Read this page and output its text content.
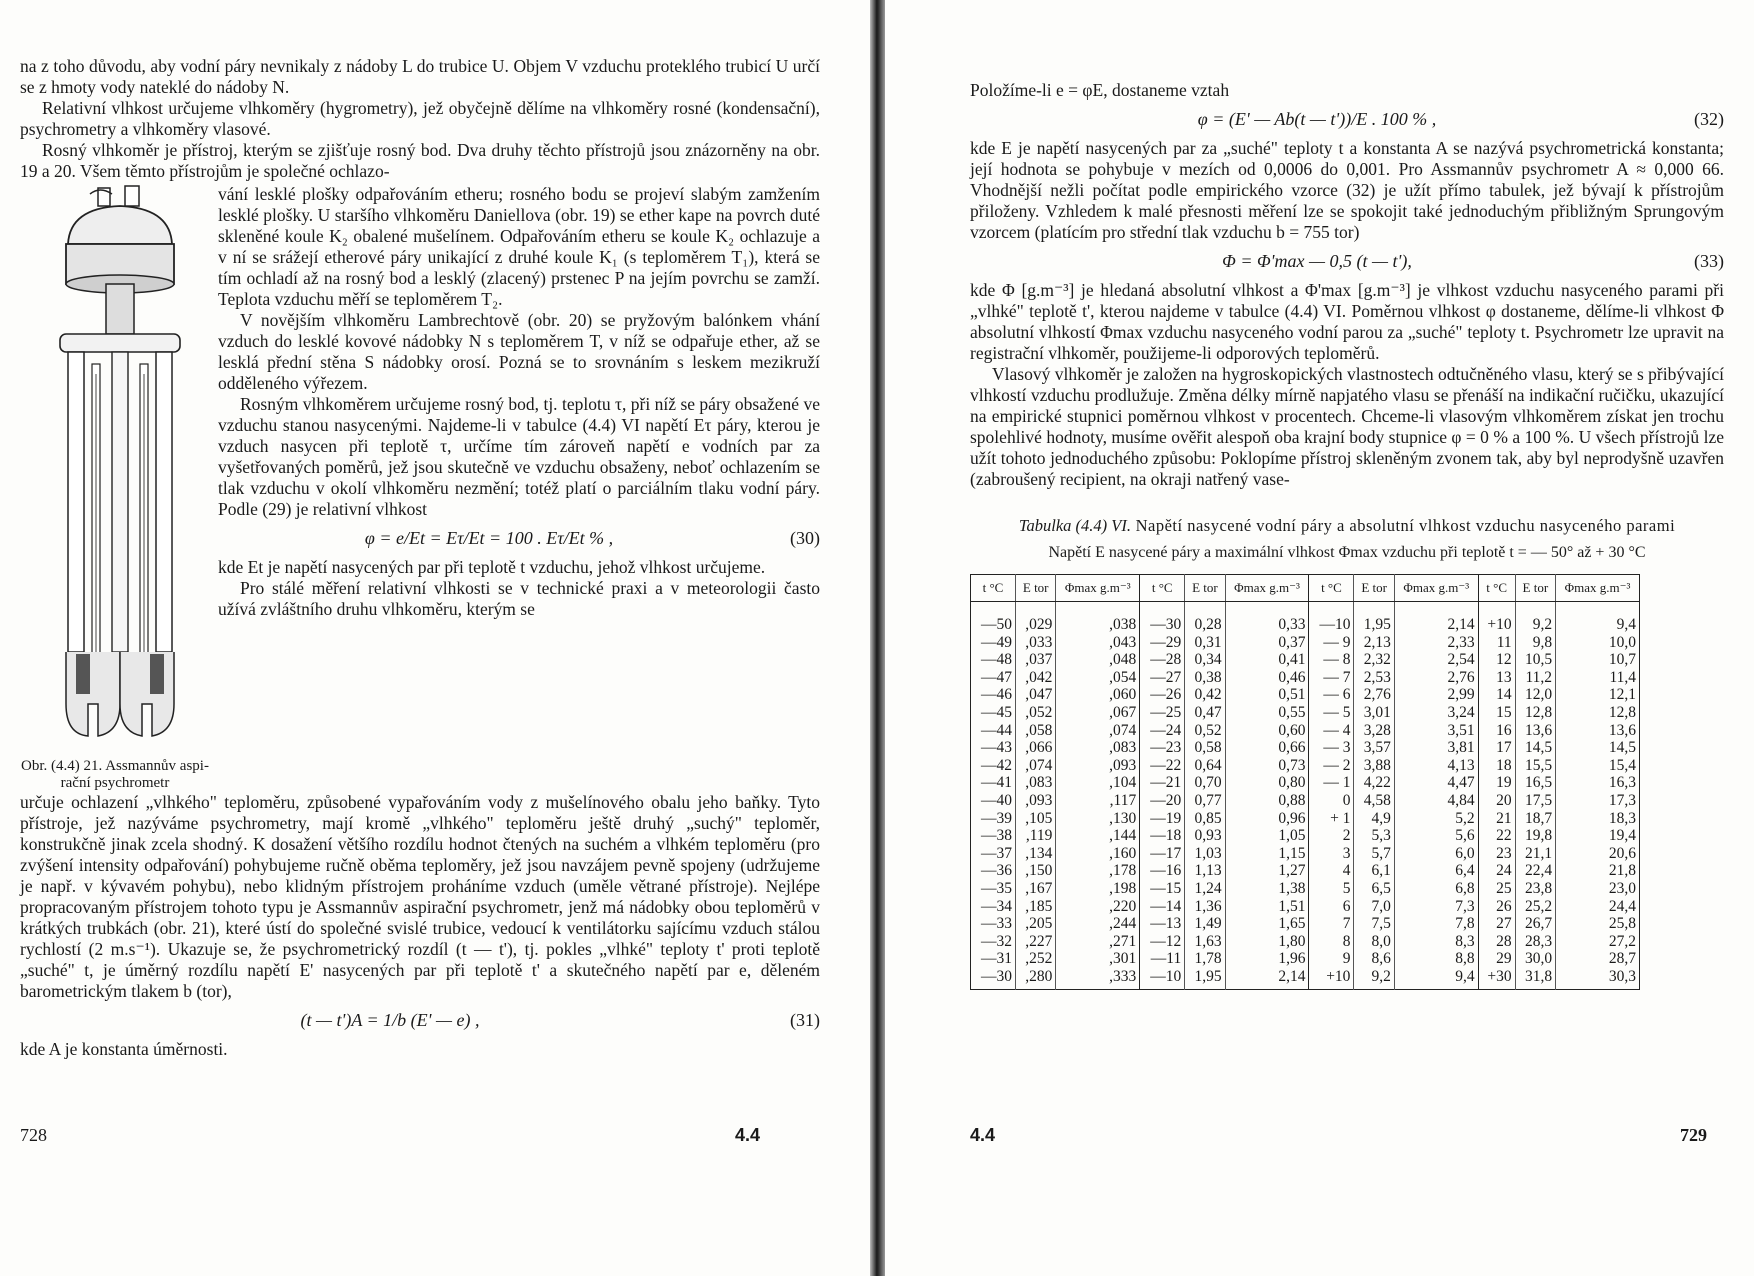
na z toho důvodu, aby vodní páry nevnikaly z nádoby L do trubice U. Objem V vzduchu protekléhо trubicí U určí se z hmoty vody nateklé do nádoby N.

Relativní vlhkost určujeme vlhkoměry (hygrometry), jež obyčejně dělíme na vlhkoměry rosné (kondensační), psychrometry a vlhkoměry vlasové.

Rosný vlhkoměr je přístroj, kterým se zjišťuje rosný bod. Dva druhy těchto přístrojů jsou znázorněny na obr. 19 a 20. Všem těmto přístrojům je společné ochlazo-

Obr. (4.4) 21. Assmannův aspi-rační psychrometr

vání lesklé plošky odpařováním etheru; rosného bodu se projeví slabým zamžením lesklé plošky. U staršího vlhkoměru Daniellova (obr. 19) se ether kape na povrch duté skleněné koule K₂ obalené mušelínem. Odpařováním etheru se koule K₂ ochlazuje a v ní se srážejí etherové páry unikající z druhé koule K₁ (s teploměrem T₁), která se tím ochladí až na rosný bod a lesklý (zlacený) prstenec P na jejím povrchu se zamží. Teplota vzduchu měří se teploměrem T₂.

V novějším vlhkoměru Lambrechtově (obr. 20) se pryžovým balónkem vhání vzduch do lesklé kovové nádobky N s teploměrem T, v níž se odpařuje ether, až se lesklá přední stěna S nádobky orosí. Pozná se to srovnáním s leskem mezikruží odděleného výřezem.

Rosným vlhkoměrem určujeme rosný bod, tj. teplotu τ, při níž se páry obsažené ve vzduchu stanou nasycenými. Najdeme-li v tabulce (4.4) VI napětí Eτ páry, kterou je vzduch nasycen při teplotě τ, určíme tím zároveň napětí e vodních par za vyšetřovaných poměrů, jež jsou skutečně ve vzduchu obsaženy, neboť ochlazením se tlak vzduchu v okolí vlhkoměru nezmění; totéž platí o parciálním tlaku vodní páry. Podle (29) je relativní vlhkost

φ = e/Et = Eτ/Et = 100 . Eτ/Et % ,	(30)

kde Et je napětí nasycených par při teplotě t vzduchu, jehož vlhkost určujeme.

Pro stálé měření relativní vlhkosti se v technické praxi a v meteorologii často užívá zvláštního druhu vlhkoměru, kterým se

určuje ochlazení „vlhkého" teploměru, způsobené vypařováním vody z mušelínového obalu jeho baňky. Tyto přístroje, jež nazýváme psychrometry, mají kromě „vlhkého" teploměru ještě druhý „suchý" teploměr, konstrukčně jinak zcela shodný. K dosažení většího rozdílu hodnot čtených na suchém a vlhkém teploměru (pro zvýšení intensity odpařování) pohybujeme ručně oběma teploměry, jež jsou navzájem pevně spojeny (udržujeme je např. v kývavém pohybu), nebo klidným přístrojem proháníme vzduch (uměle větrané přístroje). Nejlépe propracovaným přístrojem tohoto typu je Assmannův aspirační psychrometr, jenž má nádobky obou teploměrů v krátkých trubkách (obr. 21), které ústí do společné svislé trubice, vedoucí k ventilátorku sajícímu vzduch stálou rychlostí (2 m.s⁻¹). Ukazuje se, že psychrometrický rozdíl (t — t'), tj. pokles „vlhké" teploty t' proti teplotě „suché" t, je úměrný rozdílu napětí E' nasycených par při teplotě t' a skutečného napětí par e, děleném barometrickým tlakem b (tor),

(t — t')A = 1/b (E' — e) ,	(31)

kde A je konstanta úměrnosti.

728	4.4

Položíme-li e = φE, dostaneme vztah

φ = (E' — Ab(t — t'))/E . 100 % ,	(32)

kde E je napětí nasycených par za „suché" teploty t a konstanta A se nazývá psychrometrická konstanta; její hodnota se pohybuje v mezích od 0,0006 do 0,001. Pro Assmannův psychrometr A ≈ 0,000 66. Vhodnější nežli počítat podle empirického vzorce (32) je užít přímo tabulek, jež bývají k přístrojům přiloženy. Vzhledem k malé přesnosti měření lze se spokojit také jednoduchým přibližným Sprungovým vzorcem (platícím pro střední tlak vzduchu b = 755 tor)

Φ = Φ'max — 0,5 (t — t'),	(33)

kde Φ [g.m⁻³] je hledaná absolutní vlhkost a Φ'max [g.m⁻³] je vlhkost vzduchu nasyceného parami při „vlhké" teplotě t', kterou najdeme v tabulce (4.4) VI. Poměrnou vlhkost φ dostaneme, dělíme-li vlhkost Φ absolutní vlhkostí Φmax vzduchu nasyceného vodní parou za „suché" teploty t. Psychrometr lze upravit na registrační vlhkoměr, použijeme-li odporových teploměrů.

Vlasový vlhkoměr je založen na hygroskopických vlastnostech odtučněného vlasu, který se s přibývající vlhkostí vzduchu prodlužuje. Změna délky mírně napjatého vlasu se přenáší na indikační ručičku, ukazující na empirické stupnici poměrnou vlhkost v procentech. Chceme-li vlasovým vlhkoměrem získat jen trochu spolehlivé hodnoty, musíme ověřit alespoň oba krajní body stupnice φ = 0 % a 100 %. U všech přístrojů lze užít tohoto jednoduchého způsobu: Poklopíme přístroj skleněným zvonem tak, aby byl neprodyšně uzavřen (zabroušený recipient, na okraji natřený vase-

Tabulka (4.4) VI. Napětí nasycené vodní páry a absolutní vlhkost vzduchu nasyceného parami
Napětí E nasycené páry a maximální vlhkost Φmax vzduchu při teplotě t = — 50° až + 30 °C
t °C	E tor	Φmax g.m⁻³	t °C	E tor	Φmax g.m⁻³	t °C	E tor	Φmax g.m⁻³	t °C	E tor	Φmax g.m⁻³
—50	,029	,038	—30	0,28	0,33	—10	1,95	2,14	+10	9,2	9,4
—49	,033	,043	—29	0,31	0,37	— 9	2,13	2,33	11	9,8	10,0
—48	,037	,048	—28	0,34	0,41	— 8	2,32	2,54	12	10,5	10,7
—47	,042	,054	—27	0,38	0,46	— 7	2,53	2,76	13	11,2	11,4
—46	,047	,060	—26	0,42	0,51	— 6	2,76	2,99	14	12,0	12,1
—45	,052	,067	—25	0,47	0,55	— 5	3,01	3,24	15	12,8	12,8
—44	,058	,074	—24	0,52	0,60	— 4	3,28	3,51	16	13,6	13,6
—43	,066	,083	—23	0,58	0,66	— 3	3,57	3,81	17	14,5	14,5
—42	,074	,093	—22	0,64	0,73	— 2	3,88	4,13	18	15,5	15,4
—41	,083	,104	—21	0,70	0,80	— 1	4,22	4,47	19	16,5	16,3
—40	,093	,117	—20	0,77	0,88	0	4,58	4,84	20	17,5	17,3
—39	,105	,130	—19	0,85	0,96	+ 1	4,9	5,2	21	18,7	18,3
—38	,119	,144	—18	0,93	1,05	2	5,3	5,6	22	19,8	19,4
—37	,134	,160	—17	1,03	1,15	3	5,7	6,0	23	21,1	20,6
—36	,150	,178	—16	1,13	1,27	4	6,1	6,4	24	22,4	21,8
—35	,167	,198	—15	1,24	1,38	5	6,5	6,8	25	23,8	23,0
—34	,185	,220	—14	1,36	1,51	6	7,0	7,3	26	25,2	24,4
—33	,205	,244	—13	1,49	1,65	7	7,5	7,8	27	26,7	25,8
—32	,227	,271	—12	1,63	1,80	8	8,0	8,3	28	28,3	27,2
—31	,252	,301	—11	1,78	1,96	9	8,6	8,8	29	30,0	28,7
—30	,280	,333	—10	1,95	2,14	+10	9,2	9,4	+30	31,8	30,3
4.4	729
